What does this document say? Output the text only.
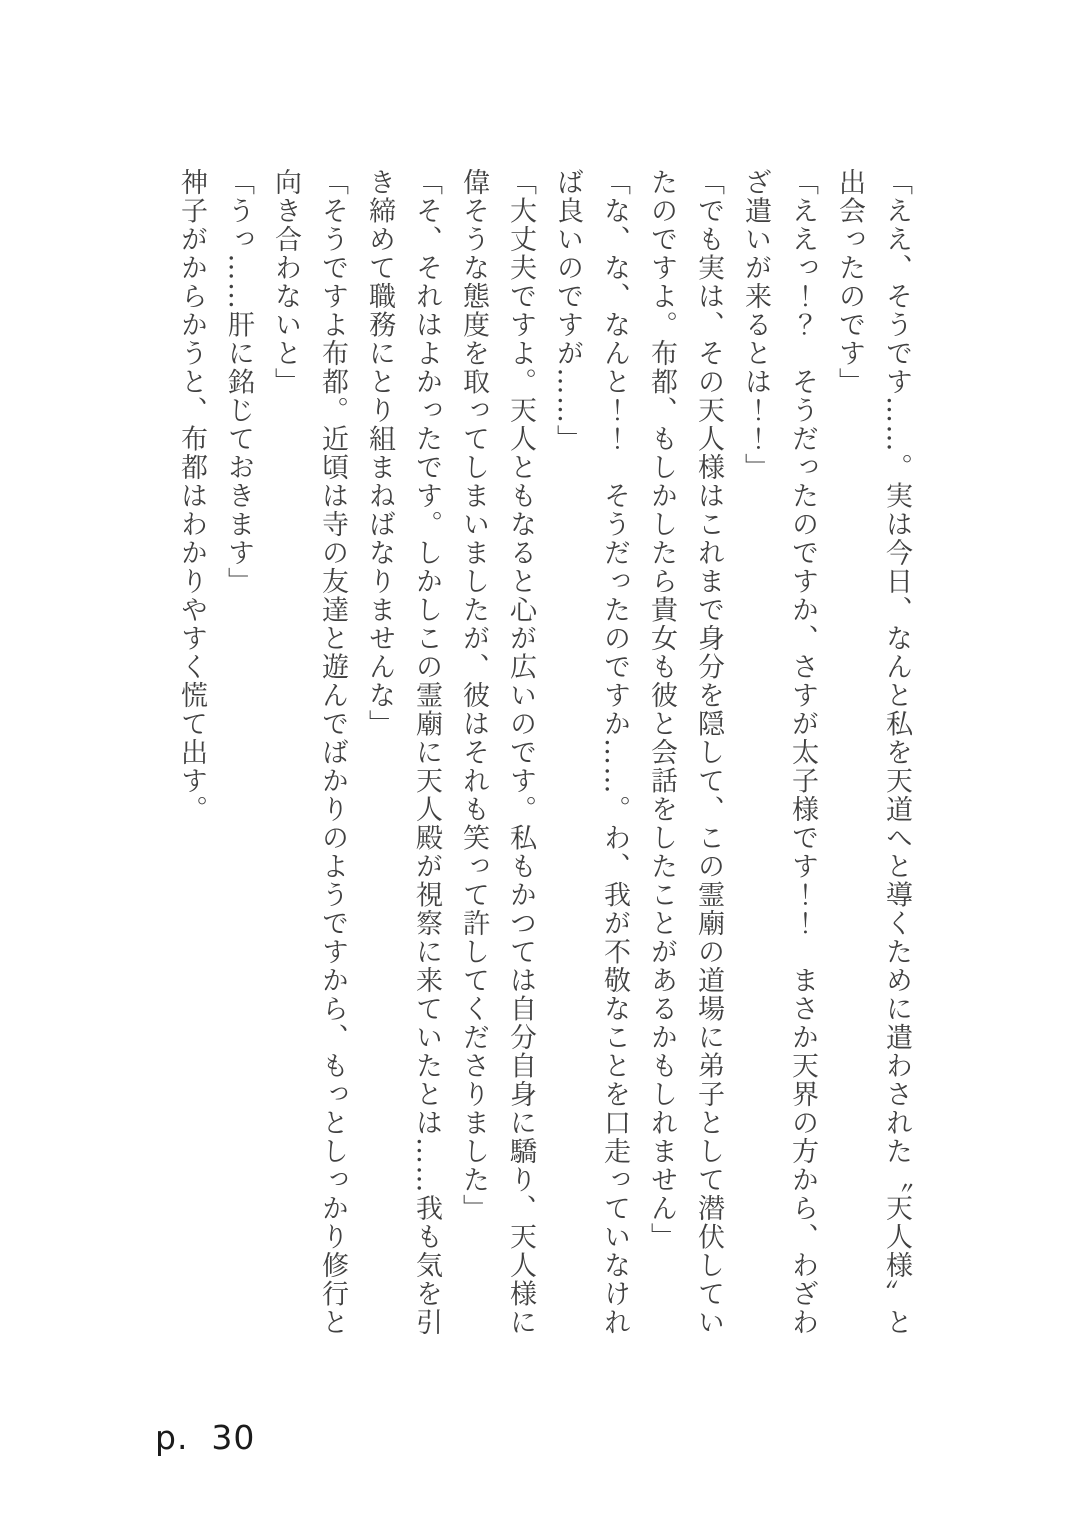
「ええ、そうです……。実は今日、なんと私を天道へと導くために遣わされた〝天人様〟と

出会ったのです」

「ええっ！？　そうだったのですか、さすが太子様です！！　まさか天界の方から、わざわ

ざ遣いが来るとは！！」

「でも実は、その天人様はこれまで身分を隠して、この霊廟の道場に弟子として潜伏してい

たのですよ。布都、もしかしたら貴女も彼と会話をしたことがあるかもしれません」

「な、な、なんと！！　そうだったのですか……。わ、我が不敬なことを口走っていなけれ

ば良いのですが……」

「大丈夫ですよ。天人ともなると心が広いのです。私もかつては自分自身に驕り、天人様に

偉そうな態度を取ってしまいましたが、彼はそれも笑って許してくださりました」

「そ、それはよかったです。しかしこの霊廟に天人殿が視察に来ていたとは……我も気を引

き締めて職務にとり組まねばなりませんな」

「そうですよ布都。近頃は寺の友達と遊んでばかりのようですから、もっとしっかり修行と

向き合わないと」

「うっ……肝に銘じておきます」

神子がからかうと、布都はわかりやすく慌て出す。

p.  30
